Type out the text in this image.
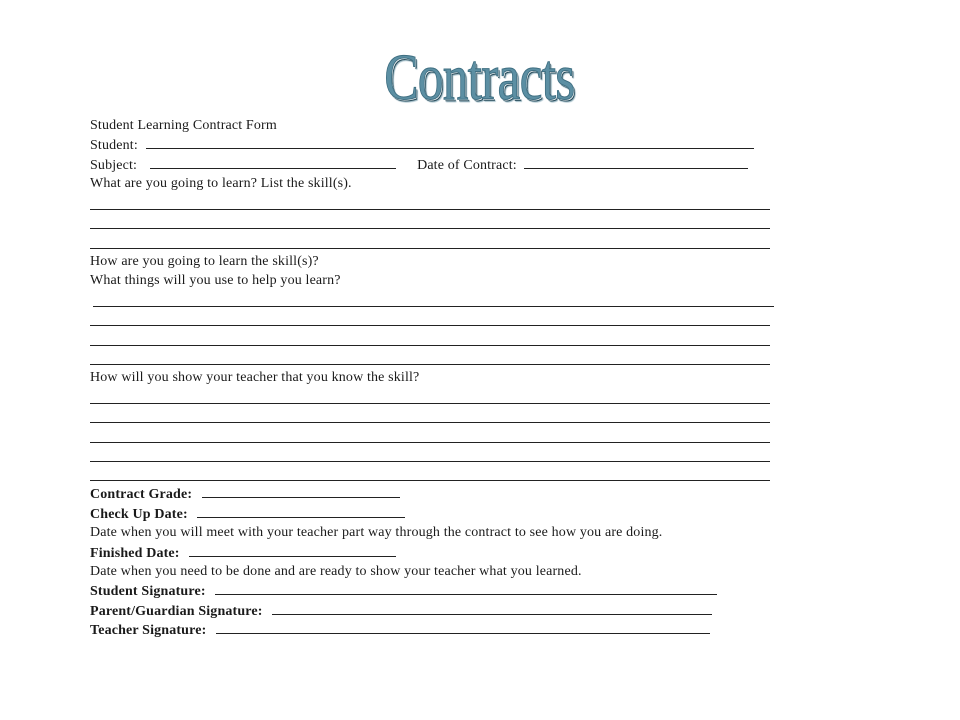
Contracts
Student Learning Contract Form
Student:
Subject:	Date of Contract:
What are you going to learn? List the skill(s).
How are you going to learn the skill(s)?
What things will you use to help you learn?
How will you show your teacher that you know the skill?
Contract Grade:
Check Up Date:
Date when you will meet with your teacher part way through the contract to see how you are doing.
Finished Date:
Date when you need to be done and are ready to show your teacher what you learned.
Student Signature:
Parent/Guardian Signature:
Teacher Signature:
